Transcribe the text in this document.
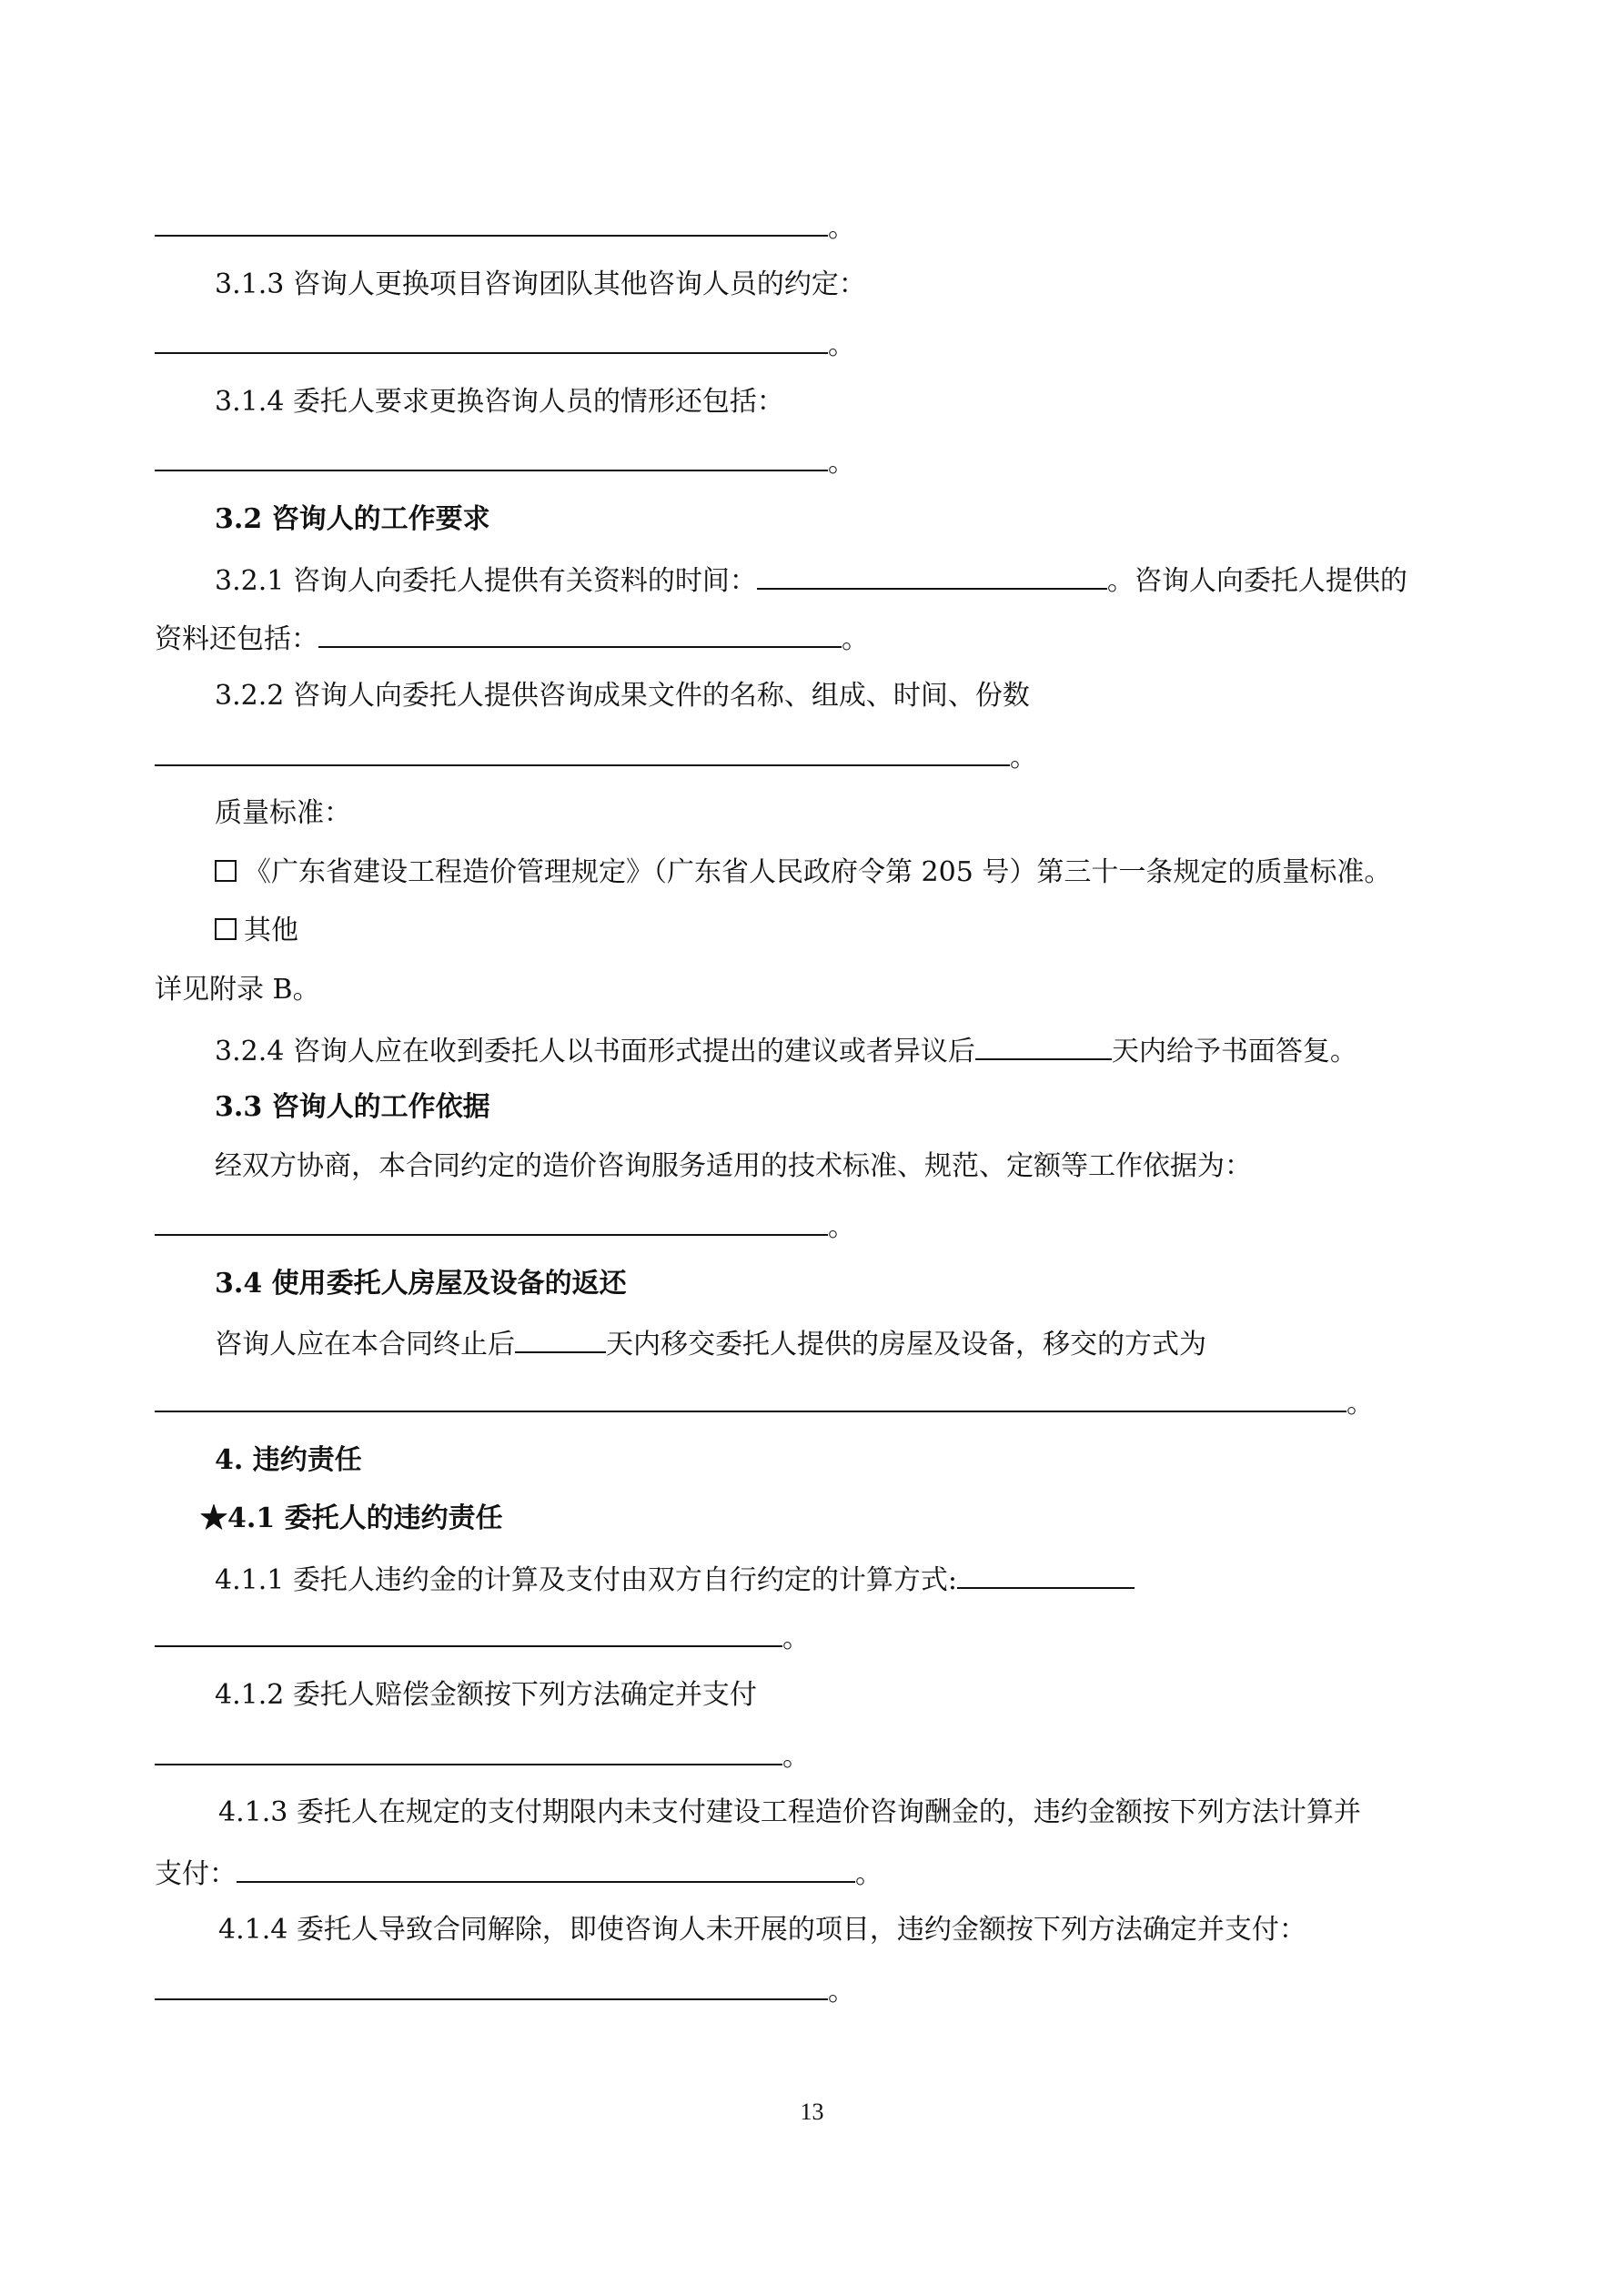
。
3.1.3 咨询人更换项目咨询团队其他咨询人员的约定：
。
3.1.4 委托人要求更换咨询人员的情形还包括：
。
3.2 咨询人的工作要求
3.2.1 咨询人向委托人提供有关资料的时间：	。咨询人向委托人提供的
资料还包括：	。
3.2.2 咨询人向委托人提供咨询成果文件的名称、组成、时间、份数
。
质量标准：
《广东省建设工程造价管理规定》（广东省人民政府令第 205 号）第三十一条规定的质量标准。
其他
详见附录 B。
3.2.4 咨询人应在收到委托人以书面形式提出的建议或者异议后	天内给予书面答复。
3.3 咨询人的工作依据
经双方协商，本合同约定的造价咨询服务适用的技术标准、规范、定额等工作依据为：
。
3.4 使用委托人房屋及设备的返还
咨询人应在本合同终止后	天内移交委托人提供的房屋及设备，移交的方式为
。
4. 违约责任
★4.1 委托人的违约责任
4.1.1 委托人违约金的计算及支付由双方自行约定的计算方式:
。
4.1.2 委托人赔偿金额按下列方法确定并支付
。
4.1.3 委托人在规定的支付期限内未支付建设工程造价咨询酬金的，违约金额按下列方法计算并
支付：	。
4.1.4 委托人导致合同解除，即使咨询人未开展的项目，违约金额按下列方法确定并支付：
。
13
